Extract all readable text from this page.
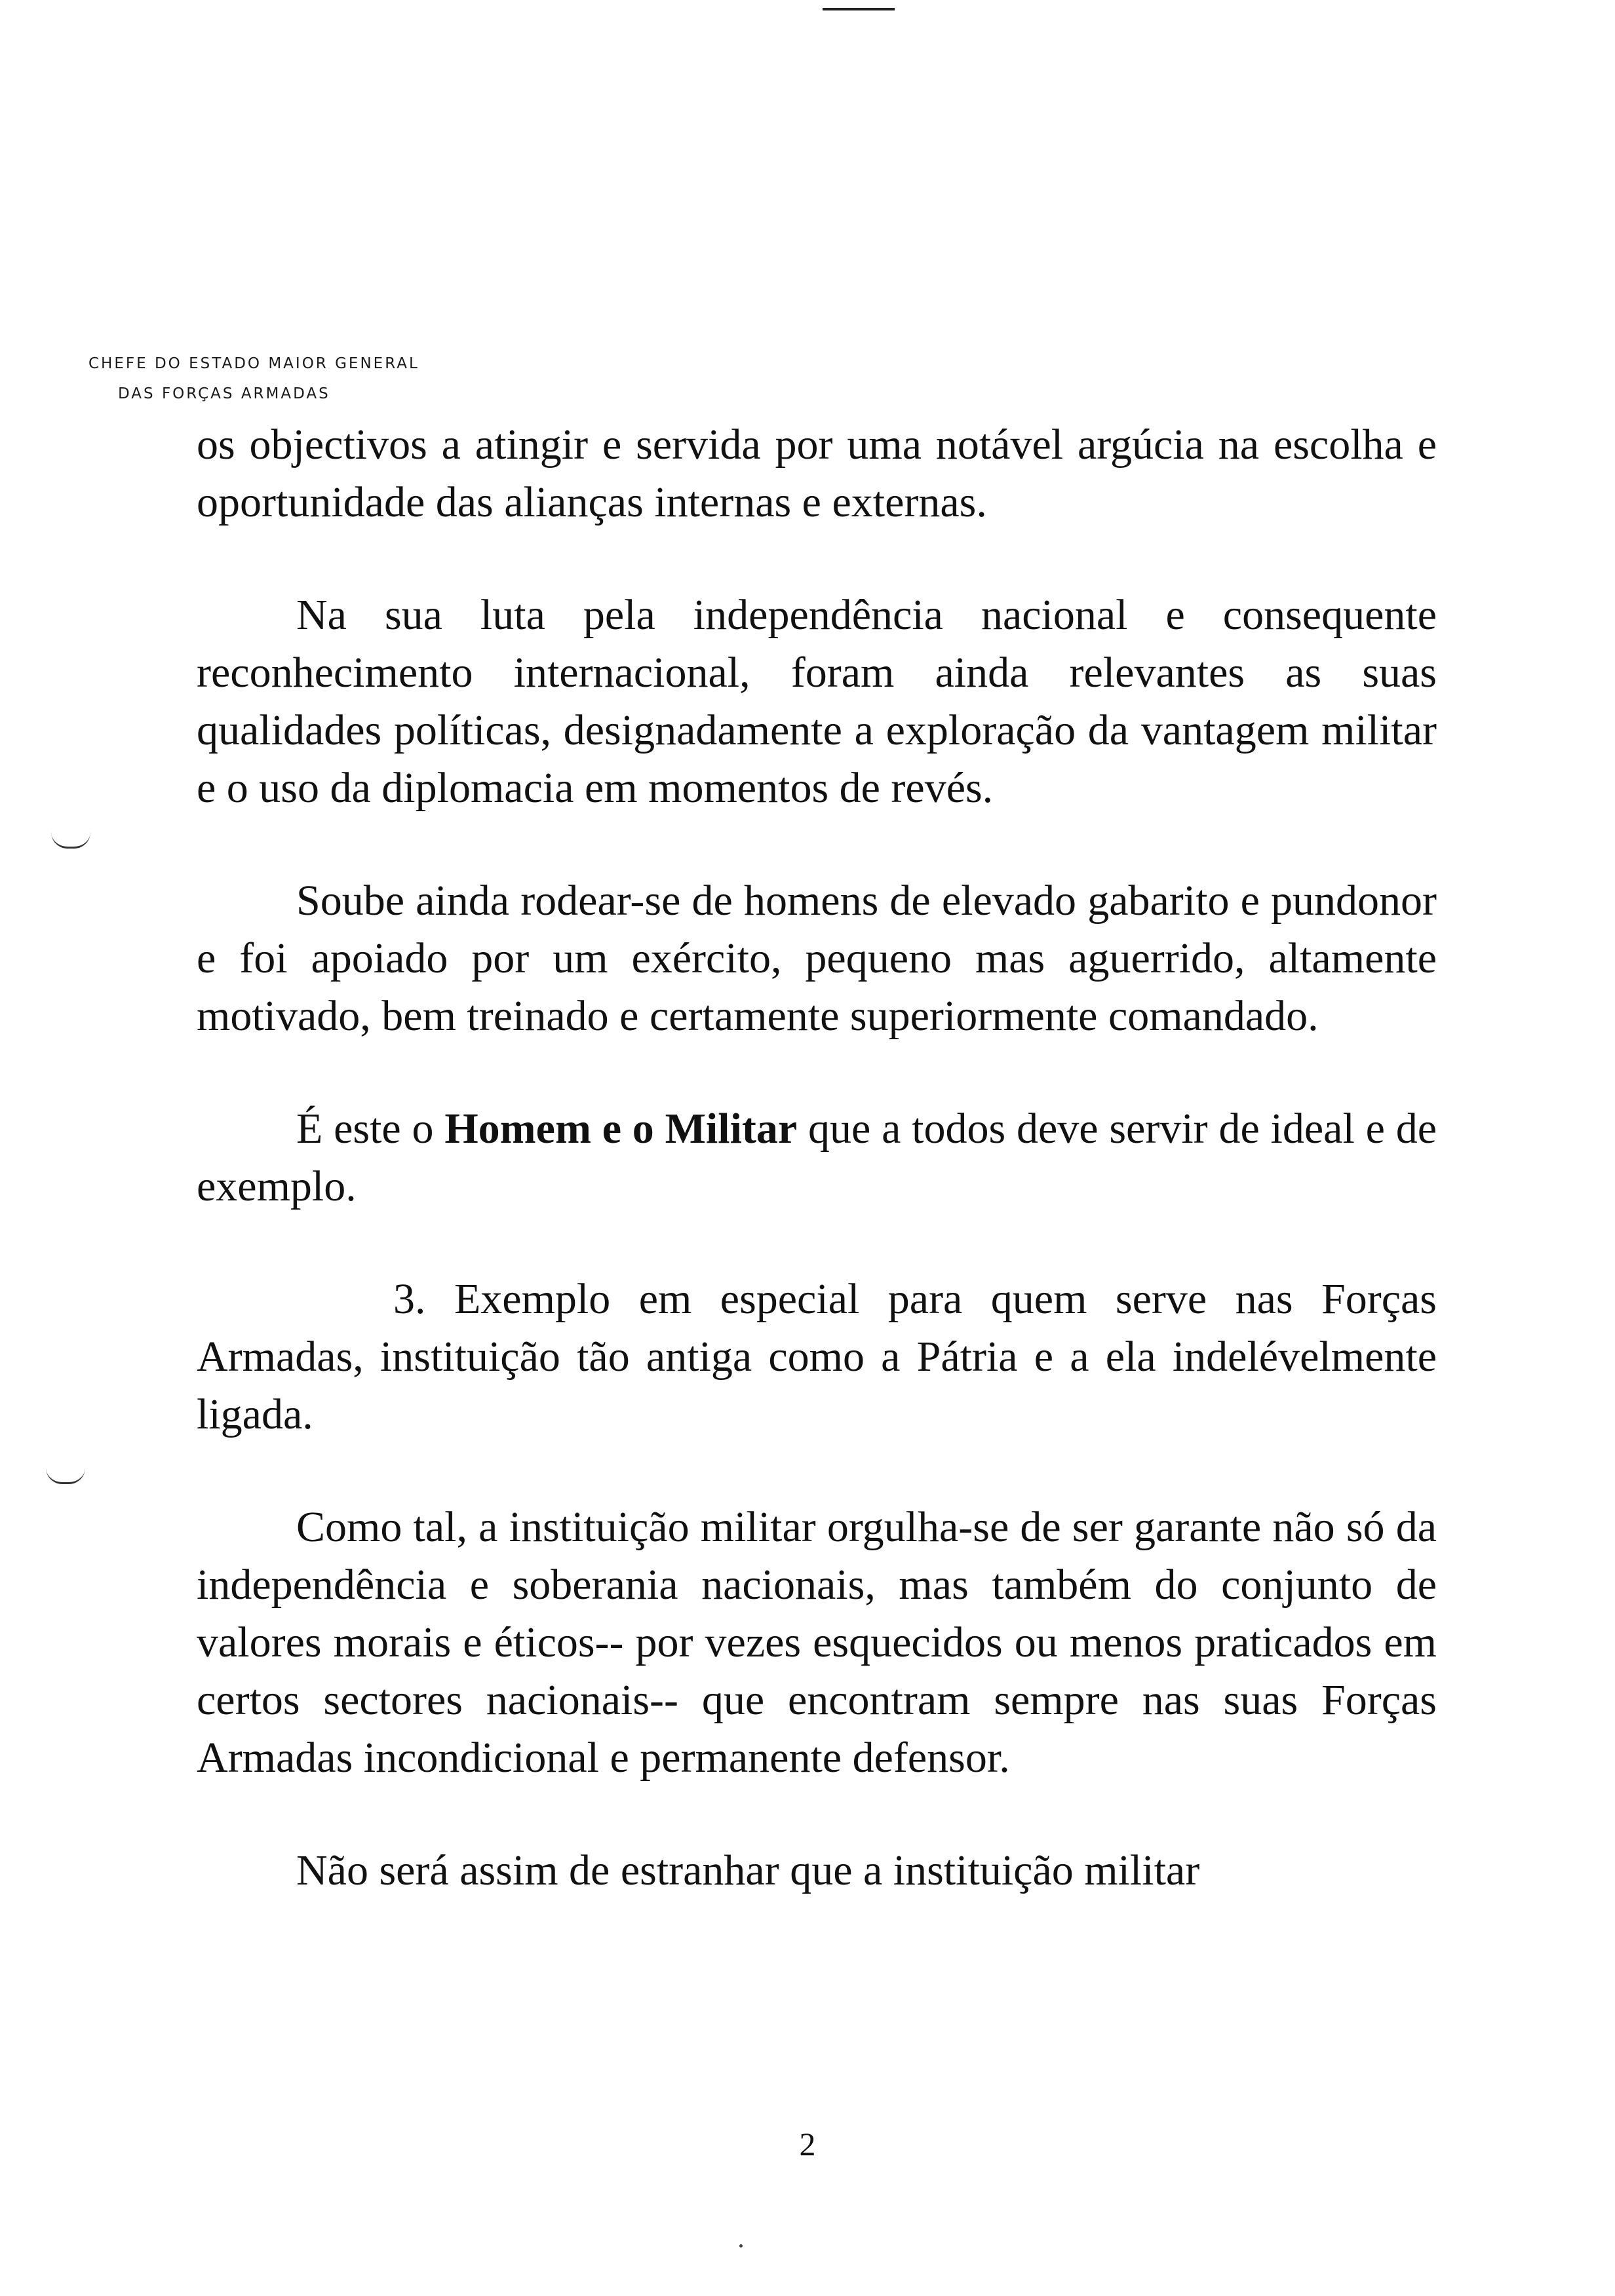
CHEFE DO ESTADO MAIOR GENERAL
DAS FORÇAS ARMADAS

os objectivos a atingir e servida por uma notável argúcia na escolha e oportunidade das alianças internas e externas.

Na sua luta pela independência nacional e consequente reconhecimento internacional, foram ainda relevantes as suas qualidades políticas, designadamente a exploração da vantagem militar e o uso da diplomacia em momentos de revés.

Soube ainda rodear-se de homens de elevado gabarito e pundonor e foi apoiado por um exército, pequeno mas aguerrido, altamente motivado, bem treinado e certamente superiormente comandado.

É este o Homem e o Militar que a todos deve servir de ideal e de exemplo.

3. Exemplo em especial para quem serve nas Forças Armadas, instituição tão antiga como a Pátria e a ela indelévelmente ligada.

Como tal, a instituição militar orgulha-se de ser garante não só da independência e soberania nacionais, mas também do conjunto de valores morais e éticos-- por vezes esquecidos ou menos praticados em certos sectores nacionais-- que encontram sempre nas suas Forças Armadas incondicional e permanente defensor.

Não será assim de estranhar que a instituição militar

2
